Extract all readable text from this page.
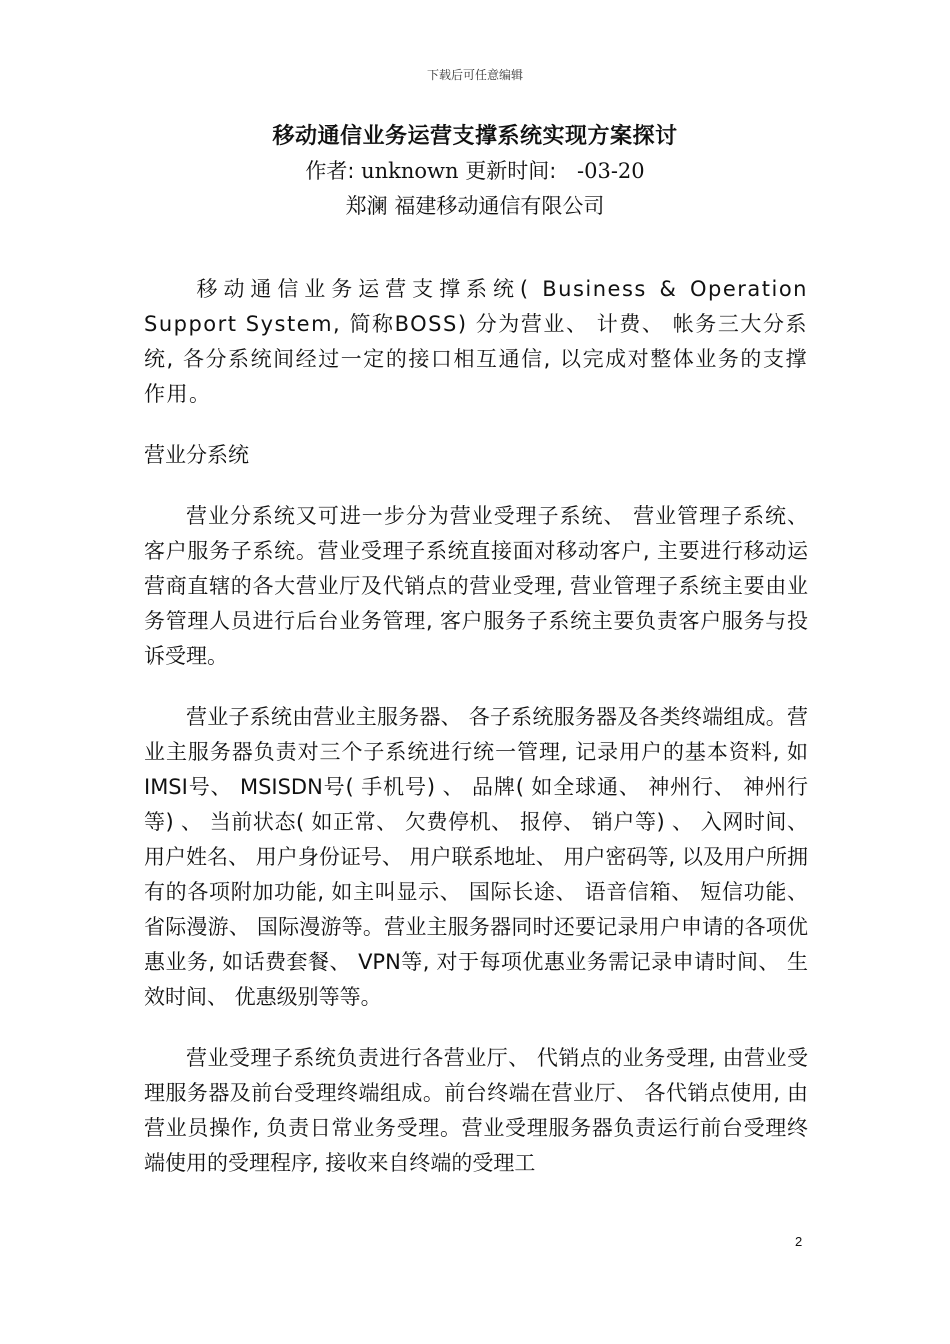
下载后可任意编辑
移动通信业务运营支撑系统实现方案探讨
作者: unknown 更新时间: -03-20
郑澜 福建移动通信有限公司

移动通信业务运营支撑系统( Business & Operation Support System, 简称BOSS) 分为营业、 计费、 帐务三大分系统, 各分系统间经过一定的接口相互通信, 以完成对整体业务的支撑作用。

营业分系统

营业分系统又可进一步分为营业受理子系统、 营业管理子系统、 客户服务子系统。营业受理子系统直接面对移动客户, 主要进行移动运营商直辖的各大营业厅及代销点的营业受理, 营业管理子系统主要由业务管理人员进行后台业务管理, 客户服务子系统主要负责客户服务与投诉受理。

营业子系统由营业主服务器、 各子系统服务器及各类终端组成。营业主服务器负责对三个子系统进行统一管理, 记录用户的基本资料, 如IMSI号、 MSISDN号( 手机号) 、 品牌( 如全球通、 神州行、 神州行 等) 、 当前状态( 如正常、 欠费停机、 报停、 销户等) 、 入网时间、 用户姓名、 用户身份证号、 用户联系地址、 用户密码等, 以及用户所拥有的各项附加功能, 如主叫显示、 国际长途、 语音信箱、 短信功能、 省际漫游、 国际漫游等。营业主服务器同时还要记录用户申请的各项优惠业务, 如话费套餐、 VPN等, 对于每项优惠业务需记录申请时间、 生效时间、 优惠级别等等。

营业受理子系统负责进行各营业厅、 代销点的业务受理, 由营业受理服务器及前台受理终端组成。前台终端在营业厅、 各代销点使用, 由营业员操作, 负责日常业务受理。营业受理服务器负责运行前台受理终端使用的受理程序, 接收来自终端的受理工

2
